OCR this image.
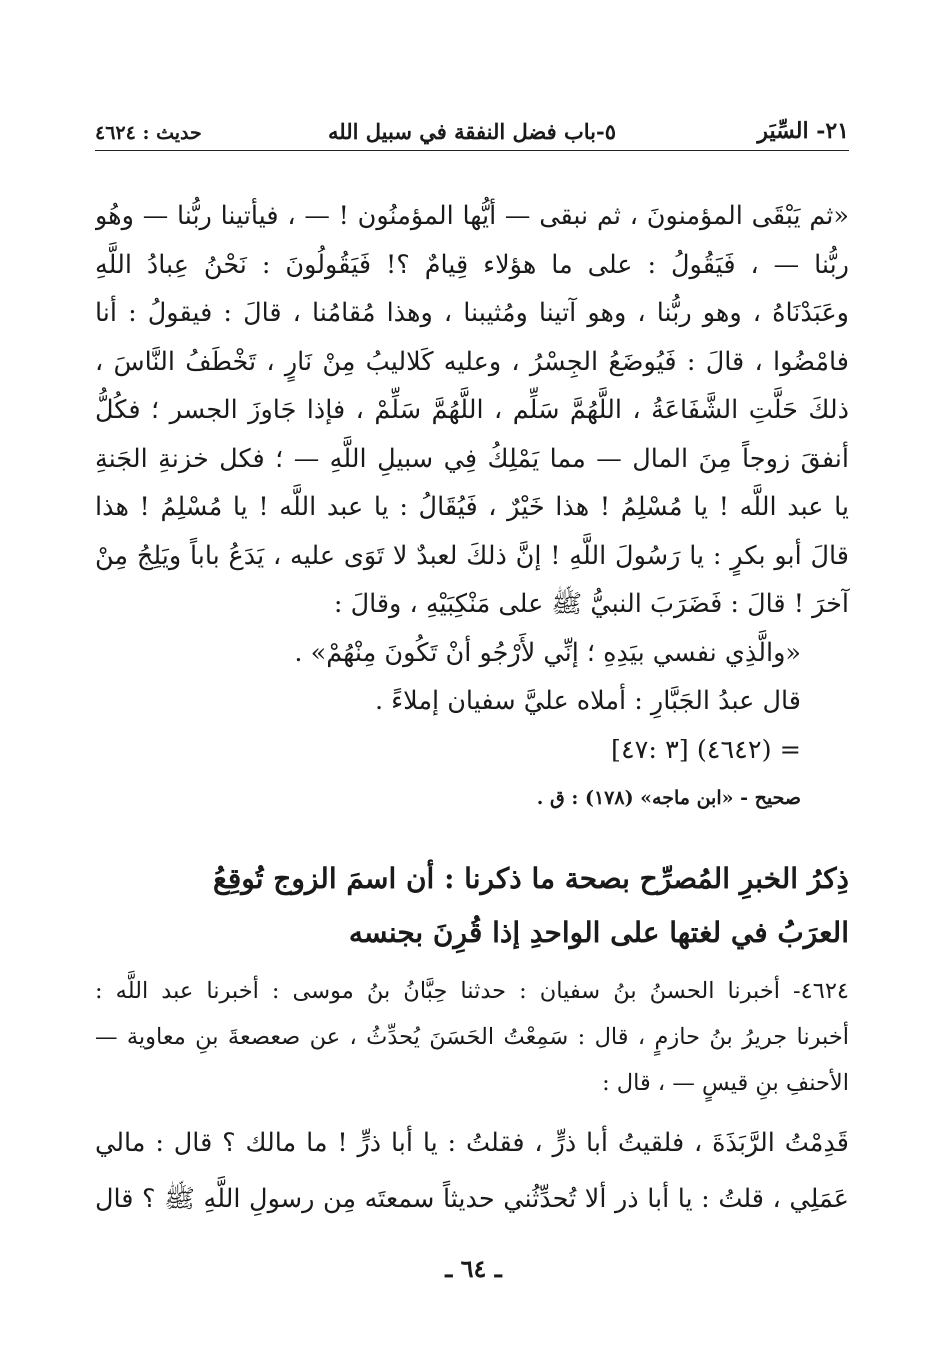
٢١- السِّيَر
٥-باب فضل النفقة في سبيل الله
حديث : ٤٦٢٤
«ثم يَبْقَى المؤمنونَ ، ثم نبقى — أيُّها المؤمنُون ! — ، فيأتينا ربُّنا — وهُو
ربُّنا — ، فَيَقُولُ : على ما هؤلاء قِيامٌ ؟! فَيَقُولُونَ : نَحْنُ عِبادُ اللَّهِ
وعَبَدْنَاهُ ، وهو ربُّنا ، وهو آتينا ومُثيبنا ، وهذا مُقامُنا ، قالَ : فيقولُ : أنا
فامْضُوا ، قالَ : فَيُوضَعُ الجِسْرُ ، وعليه كَلاليبُ مِنْ نَارٍ ، تَخْطَفُ النَّاسَ ،
ذلكَ حَلَّتِ الشَّفَاعَةُ ، اللَّهُمَّ سَلِّم ، اللَّهُمَّ سَلِّمْ ، فإذا جَاوزَ الجسر ؛ فكُلُّ
أنفقَ زوجاً مِنَ المال — مما يَمْلِكُ فِي سبيلِ اللَّهِ — ؛ فكل خزنةِ الجَنةِ
يا عبد اللَّه ! يا مُسْلِمُ ! هذا خَيْرٌ ، فَيُقَالُ : يا عبد اللَّه ! يا مُسْلِمُ ! هذا
قالَ أبو بكرٍ : يا رَسُولَ اللَّهِ ! إنَّ ذلكَ لعبدٌ لا تَوَى عليه ، يَدَعُ باباً ويَلِجُ مِنْ
آخرَ ! قالَ : فَضَرَبَ النبيُّ ﷺ على مَنْكِبَيْهِ ، وقالَ :
«والَّذِي نفسي بيَدِهِ ؛ إنِّي لأَرْجُو أنْ تَكُونَ مِنْهُمْ» .
قال عبدُ الجَبَّارِ : أملاه عليَّ سفيان إملاءً .
= (٤٦٤٢) [٣ :٤٧]
صحيح - «ابن ماجه» (١٧٨) : ق .
ذِكرُ الخبرِ المُصرِّح بصحة ما ذكرنا : أن اسمَ الزوج تُوقِعُ
العرَبُ في لغتها على الواحدِ إذا قُرِنَ بجنسه
٤٦٢٤- أخبرنا الحسنُ بنُ سفيان : حدثنا حِبَّانُ بنُ موسى : أخبرنا عبد اللَّه :
أخبرنا جريرُ بنُ حازمٍ ، قال : سَمِعْتُ الحَسَنَ يُحدِّثُ ، عن صعصعةَ بنِ معاوية —
الأحنفِ بنِ قيسٍ — ، قال :
قَدِمْتُ الرَّبَذَةَ ، فلقيتُ أبا ذرٍّ ، فقلتُ : يا أبا ذرٍّ ! ما مالك ؟ قال : مالي
عَمَلِي ، قلتُ : يا أبا ذر ألا تُحدِّثُني حديثاً سمعتَه مِن رسولِ اللَّهِ ﷺ ؟ قال
ـ ٦٤ ـ
